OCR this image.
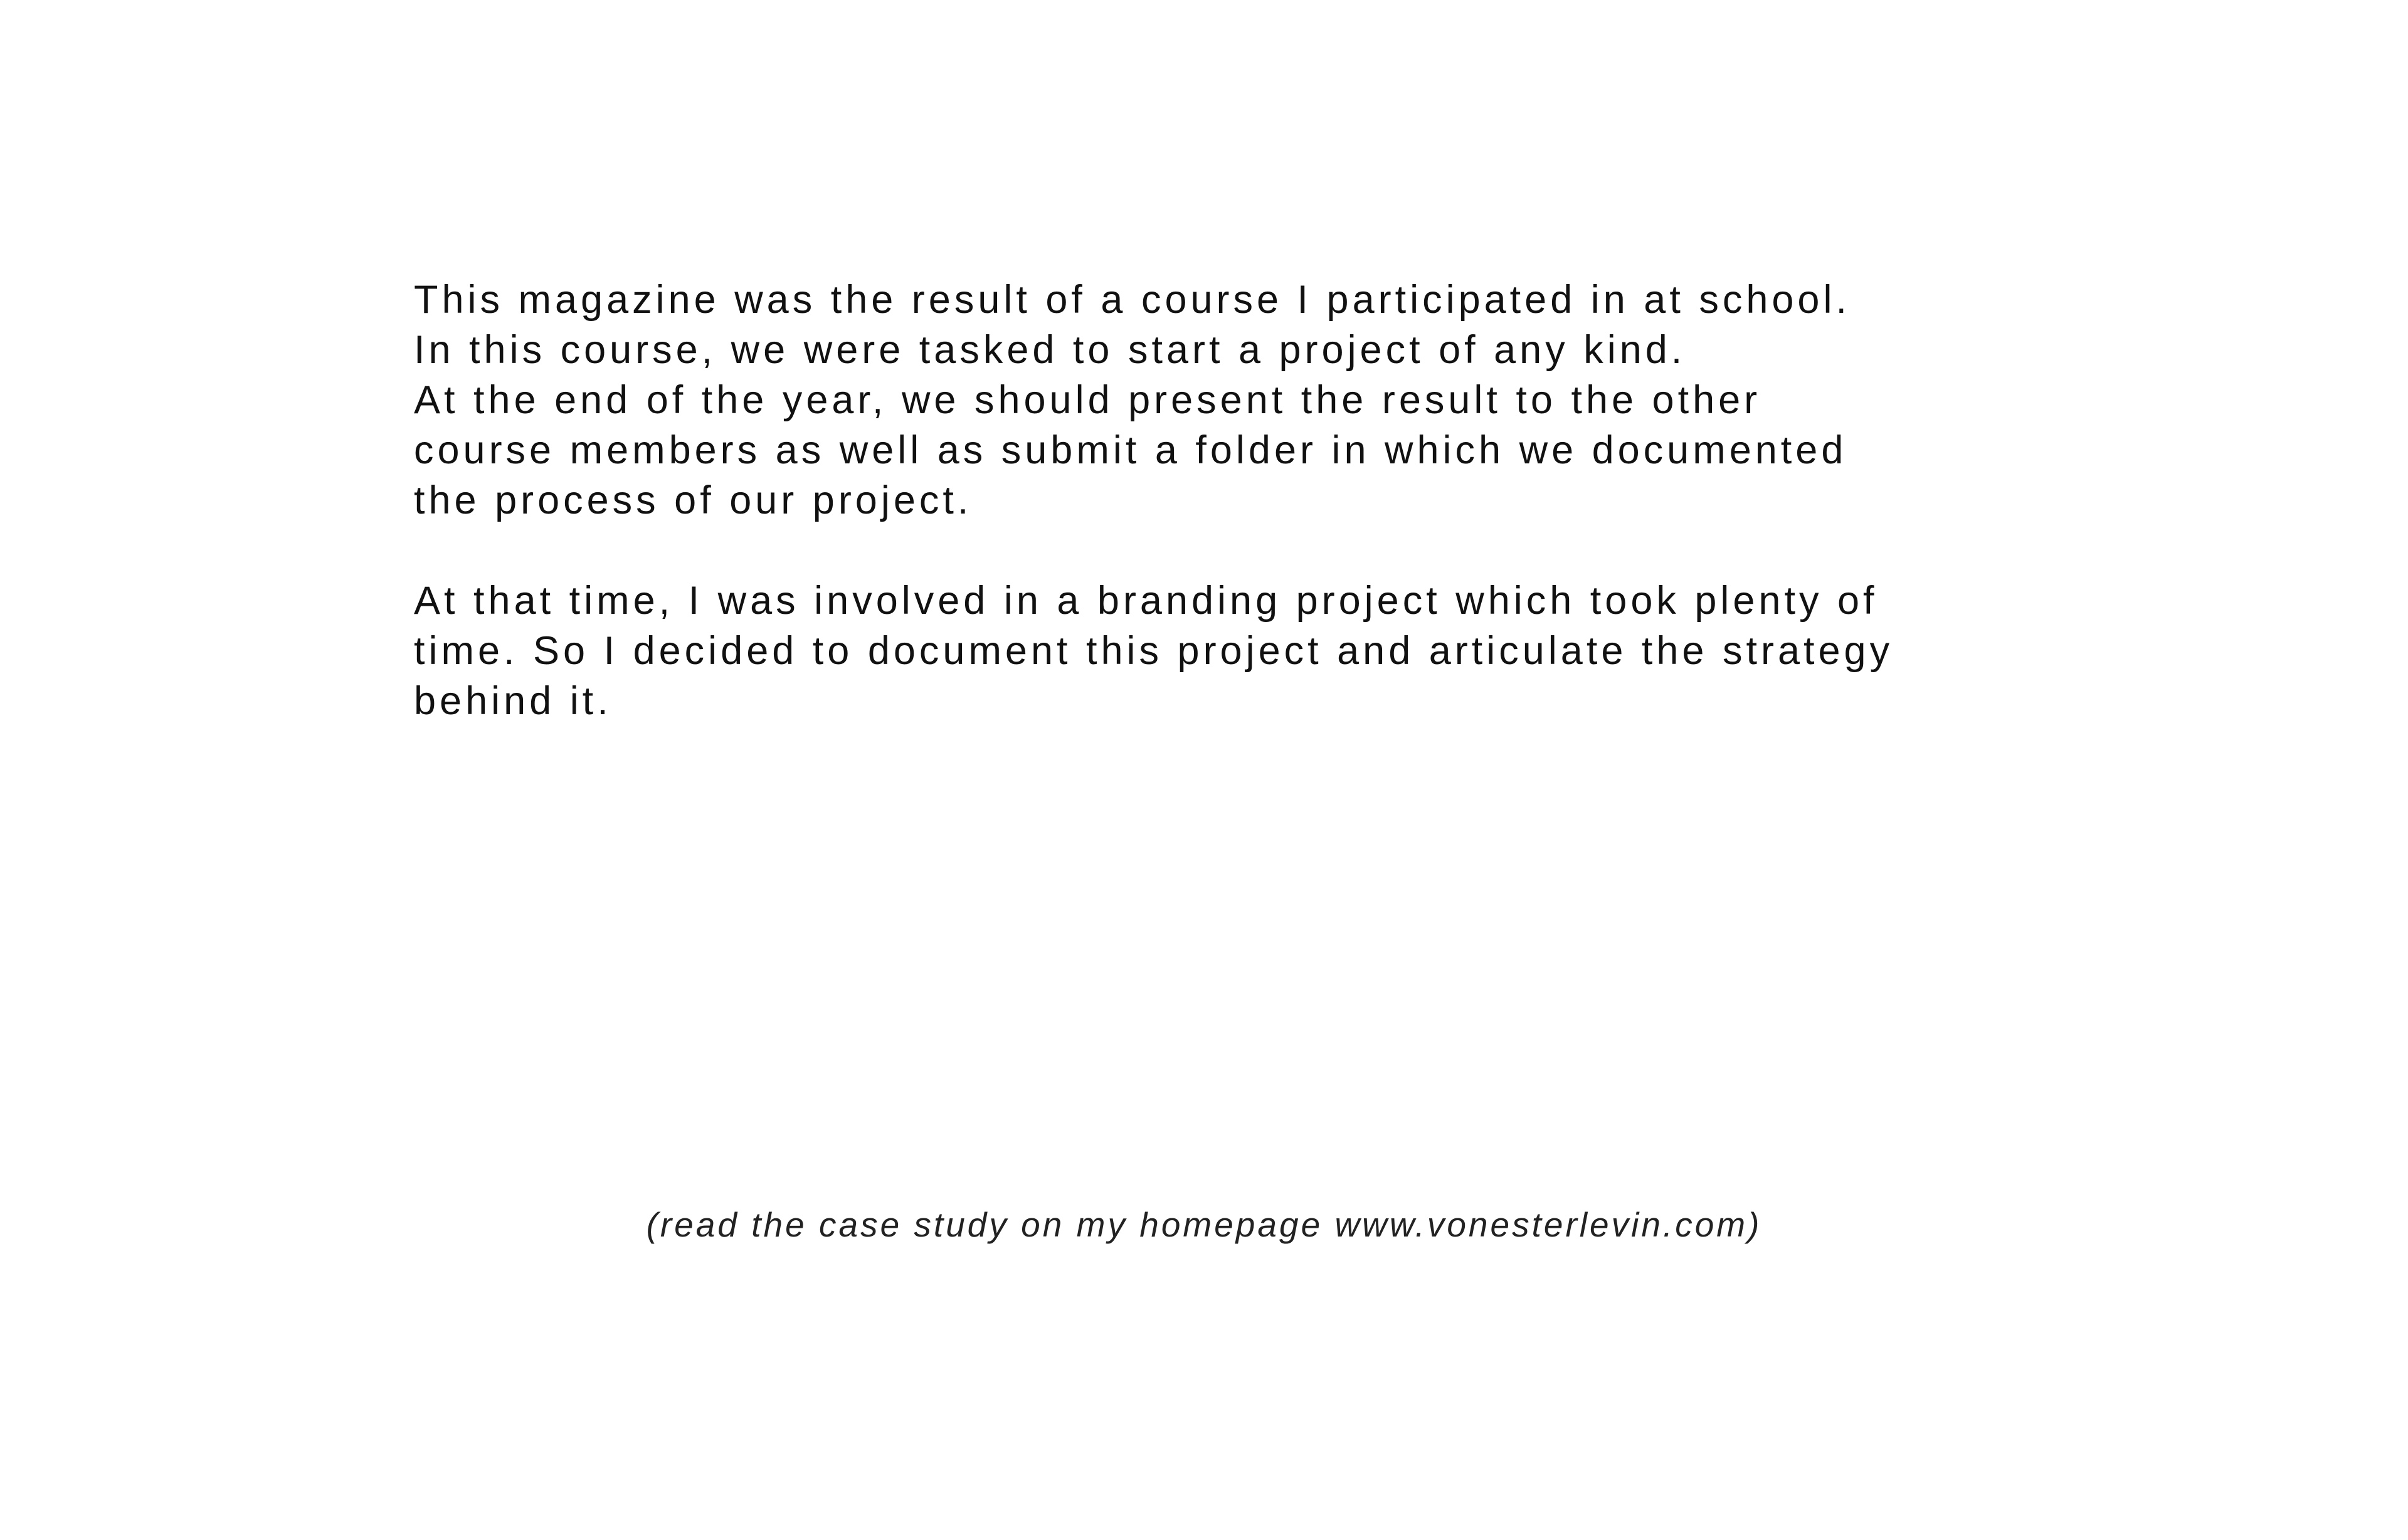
This magazine was the result of a course I participated in at school.
In this course, we were tasked to start a project of any kind.
At the end of the year, we should present the result to the other
course members as well as submit a folder in which we documented
the process of our project.

At that time, I was involved in a branding project which took plenty of
time. So I decided to document this project and articulate the strategy
behind it.

(read the case study on my homepage www.vonesterlevin.com)
